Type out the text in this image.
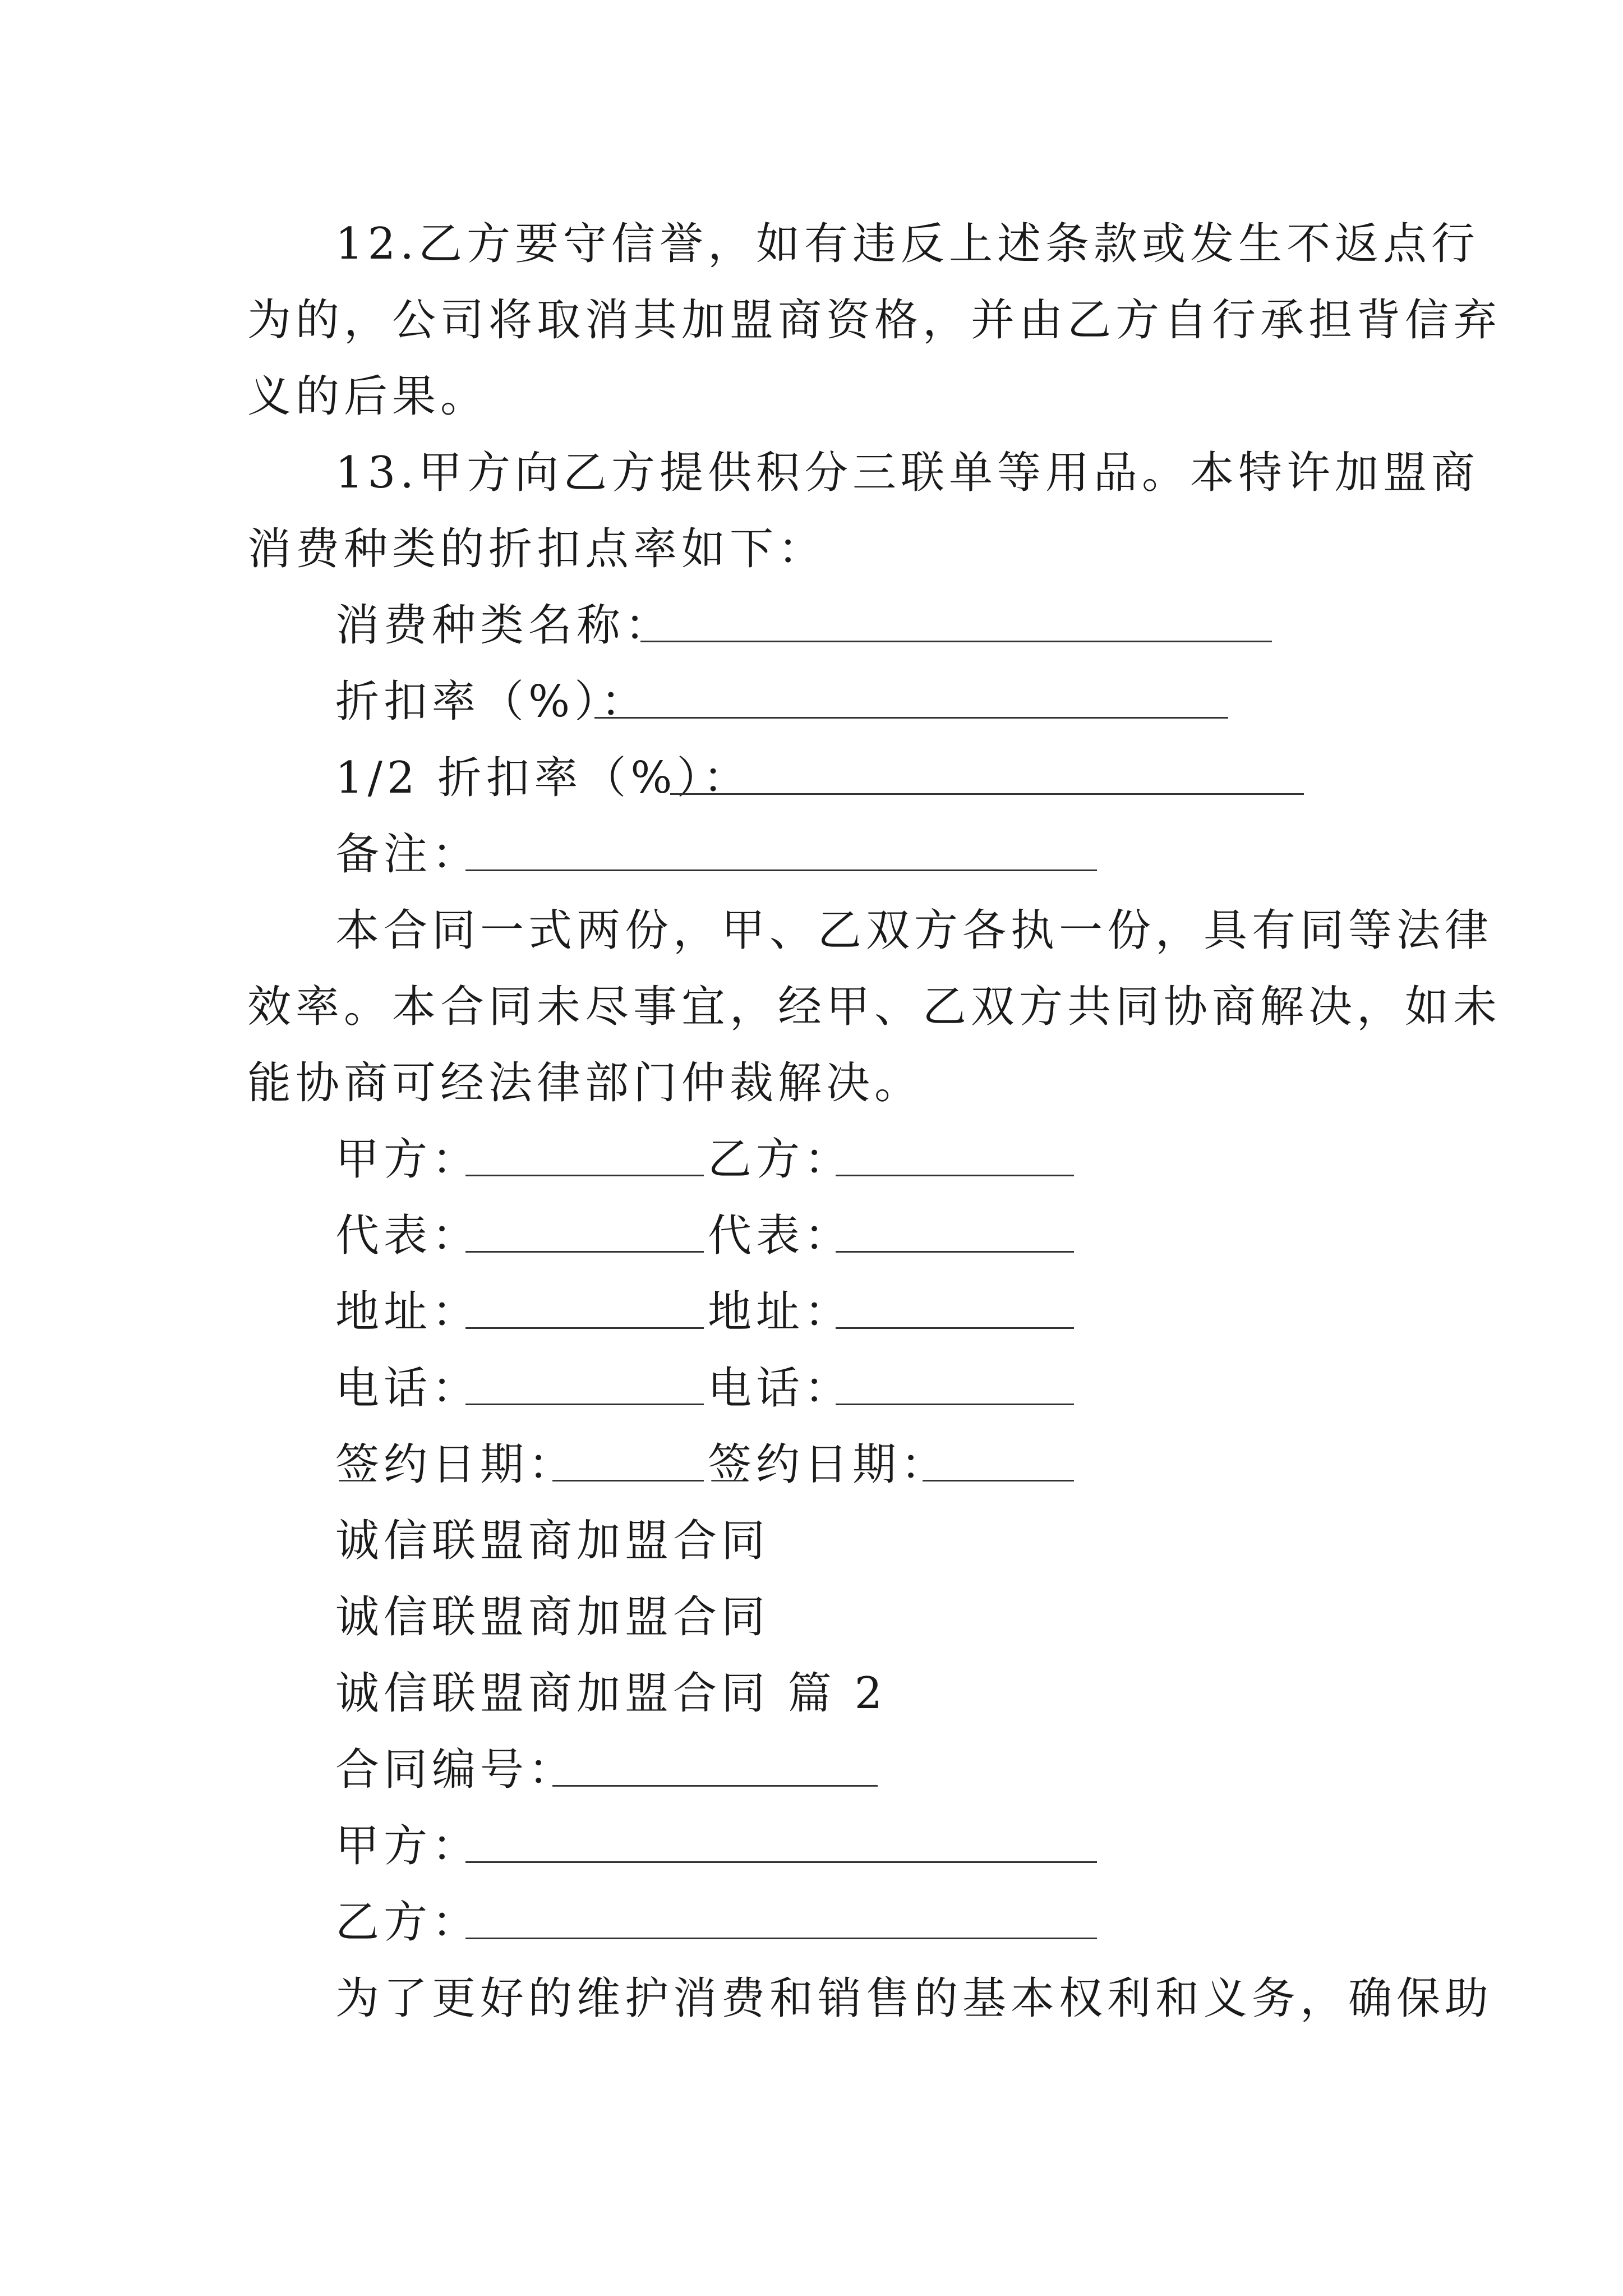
12.乙方要守信誉，如有违反上述条款或发生不返点行
为的，公司将取消其加盟商资格，并由乙方自行承担背信弃
义的后果。
13.甲方向乙方提供积分三联单等用品。本特许加盟商
消费种类的折扣点率如下：
消费种类名称：
折扣率（%）：
1/2 折扣率（%）：
备注：
本合同一式两份，甲、乙双方各执一份，具有同等法律
效率。本合同未尽事宜，经甲、乙双方共同协商解决，如未
能协商可经法律部门仲裁解决。
甲方：	乙方：
代表：	代表：
地址：	地址：
电话：	电话：
签约日期：	签约日期：
诚信联盟商加盟合同
诚信联盟商加盟合同
诚信联盟商加盟合同 篇 2
合同编号：
甲方：
乙方：
为了更好的维护消费和销售的基本权利和义务，确保助
